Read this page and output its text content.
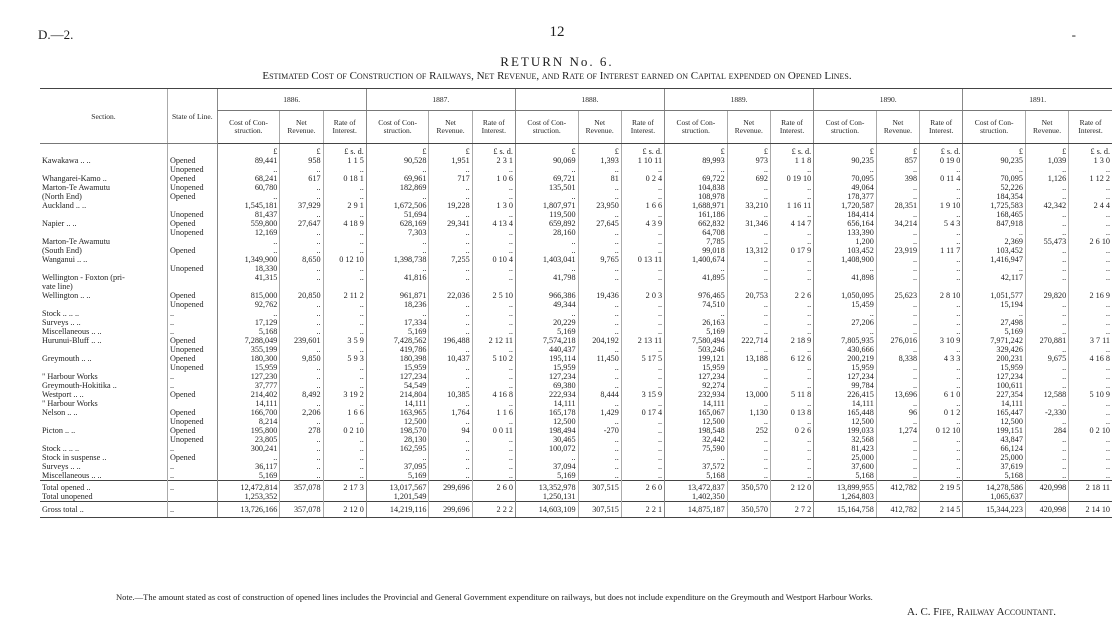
D.—2.	12	-
RETURN No. 6.
Estimated Cost of Construction of Railways, Net Revenue, and Rate of Interest earned on Capital expended on Opened Lines.
Section.	State of Line.	1886.			1887.			1888.			1889.			1890.			1891.		
		Cost of Con-struction.	Net Revenue.	Rate of Interest.	Cost of Con-struction.	Net Revenue.	Rate of Interest.	Cost of Con-struction.	Net Revenue.	Rate of Interest.	Cost of Con-struction.	Net Revenue.	Rate of Interest.	Cost of Con-struction.	Net Revenue.	Rate of Interest.	Cost of Con-struction.	Net Revenue.	Rate of Interest.
		£	£	£ s. d.	£	£	£ s. d.	£	£	£ s. d.	£	£	£ s. d.	£	£	£ s. d.	£	£	£ s. d.
Kawakawa .. ..	Opened	89,441	958	1 1 5	90,528	1,951	2 3 1	90,069	1,393	1 10 11	89,993	973	1 1 8	90,235	857	0 19 0	90,235	1,039	1 3 0
	Unopened	..	..	..	..	..	..	..	..	..	..	..	..	..	..	..	..	..	..
Whangarei-Kamo ..	Opened	68,241	617	0 18 1	69,961	717	1 0 6	69,721	81	0 2 4	69,722	692	0 19 10	70,095	398	0 11 4	70,095	1,126	1 12 2
Marton-Te Awamutu	Unopened	60,780	..	..	182,869	..	..	135,501	..	..	104,838	..	..	49,064	..	..	52,226	..	..
(North End)	Opened	..	..	..	..	..	..	..	..	..	108,978	..	..	178,377	..	..	184,354	..	..
Auckland .. ..		1,545,181	37,929	2 9 1	1,672,506	19,228	1 3 0	1,807,971	23,950	1 6 6	1,688,971	33,210	1 16 11	1,720,587	28,351	1 9 10	1,725,583	42,342	2 4 4
	Unopened	81,437	..	..	51,694	..	..	119,500	..	..	161,186	..	..	184,414	..	..	168,465	..	..
Napier .. ..	Opened	559,800	27,647	4 18 9	628,169	29,341	4 13 4	659,892	27,645	4 3 9	662,832	31,346	4 14 7	656,164	34,214	5 4 3	847,918	..	..
	Unopened	12,169	..	..	7,303	..	..	28,160	..	..	64,708	..	..	133,390	..	..	..	..	..
Marton-Te Awamutu		..	..	..	..	..	..	..	..	..	7,785	..	..	1,200	..	..	2,369	55,473	2 6 10
(South End)	Opened	..	..	..	..	..	..	..	..	..	99,018	13,312	0 17 9	103,452	23,919	1 11 7	103,452	..	..
Wanganui .. ..		1,349,900	8,650	0 12 10	1,398,738	7,255	0 10 4	1,403,041	9,765	0 13 11	1,400,674	..	..	1,408,900	..	..	1,416,947	..	..
	Unopened	18,330	..	..	..	..	..	..	..	..	..	..	..	..	..	..	..	..	..
Wellington - Foxton (pri-		41,315	..	..	41,816	..	..	41,798	..	..	41,895	..	..	41,898	..	..	42,117	..	..
vate line)																			
Wellington .. ..	Opened	815,000	20,850	2 11 2	961,871	22,036	2 5 10	966,386	19,436	2 0 3	976,465	20,753	2 2 6	1,050,095	25,623	2 8 10	1,051,577	29,820	2 16 9
	Unopened	92,762	..	..	18,236	..	..	49,344	..	..	74,510	..	..	15,459	..	..	15,194	..	..
Stock .. .. ..	..	..	..	..	..	..	..	..	..	..	..	..	..	..	..	..	..	..	..
Surveys .. ..	..	17,129	..	..	17,334	..	..	20,229	..	..	26,163	..	..	27,206	..	..	27,498	..	..
Miscellaneous .. ..	..	5,168	..	..	5,169	..	..	5,169	..	..	5,169	..	..	..	..	..	5,169	..	..
Hurunui-Bluff .. ..	Opened	7,288,049	239,601	3 5 9	7,428,562	196,488	2 12 11	7,574,218	204,192	2 13 11	7,580,494	222,714	2 18 9	7,805,935	276,016	3 10 9	7,971,242	270,881	3 7 11
	Unopened	355,199	..	..	419,786	..	..	440,437	..	..	503,246	..	..	430,666	..	..	329,426	..	..
Greymouth .. ..	Opened	180,300	9,850	5 9 3	180,398	10,437	5 10 2	195,114	11,450	5 17 5	199,121	13,188	6 12 6	200,219	8,338	4 3 3	200,231	9,675	4 16 8
	Unopened	15,959	..	..	15,959	..	..	15,959	..	..	15,959	..	..	15,959	..	..	15,959	..	..
" Harbour Works	..	127,230	..	..	127,234	..	..	127,234	..	..	127,234	..	..	127,234	..	..	127,234	..	..
Greymouth-Hokitika ..	..	37,777	..	..	54,549	..	..	69,380	..	..	92,274	..	..	99,784	..	..	100,611	..	..
Westport .. ..	Opened	214,402	8,492	3 19 2	214,804	10,385	4 16 8	222,934	8,444	3 15 9	232,934	13,000	5 11 8	226,415	13,696	6 1 0	227,354	12,588	5 10 9
" Harbour Works		14,111	..	..	14,111	..	..	14,111	..	..	14,111	..	..	14,111	..	..	14,111	..	..
Nelson .. ..	Opened	166,700	2,206	1 6 6	163,965	1,764	1 1 6	165,178	1,429	0 17 4	165,067	1,130	0 13 8	165,448	96	0 1 2	165,447	-2,330	..
	Unopened	8,214	..	..	12,500	..	..	12,500	..	..	12,500	..	..	12,500	..	..	12,500	..	..
Picton .. ..	Opened	195,800	278	0 2 10	198,570	94	0 0 11	198,494	-270	..	198,548	252	0 2 6	199,033	1,274	0 12 10	199,151	284	0 2 10
	Unopened	23,805	..	..	28,130	..	..	30,465	..	..	32,442	..	..	32,568	..	..	43,847	..	..
Stock .. .. ..	..	300,241	..	..	162,595	..	..	100,072	..	..	75,590	..	..	81,423	..	..	66,124	..	..
Stock in suspense ..	Opened	..	..	..	..	..	..	..	..	..	..	..	..	25,000	..	..	25,000	..	..
Surveys .. ..	..	36,117	..	..	37,095	..	..	37,094	..	..	37,572	..	..	37,600	..	..	37,619	..	..
Miscellaneous .. ..	..	5,169	..	..	5,169	..	..	5,169	..	..	5,168	..	..	5,168	..	..	5,168	..	..
Total opened ..	..	12,472,814	357,078	2 17 3	13,017,567	299,696	2 6 0	13,352,978	307,515	2 6 0	13,472,837	350,570	2 12 0	13,899,955	412,782	2 19 5	14,278,586	420,998	2 18 11
Total unopened		1,253,352			1,201,549			1,250,131			1,402,350			1,264,803			1,065,637		
Gross total ..	..	13,726,166	357,078	2 12 0	14,219,116	299,696	2 2 2	14,603,109	307,515	2 2 1	14,875,187	350,570	2 7 2	15,164,758	412,782	2 14 5	15,344,223	420,998	2 14 10
Note.—The amount stated as cost of construction of opened lines includes the Provincial and General Government expenditure on railways, but does not include expenditure on the Greymouth and Westport Harbour Works.
A. C. Fife, Railway Accountant.
